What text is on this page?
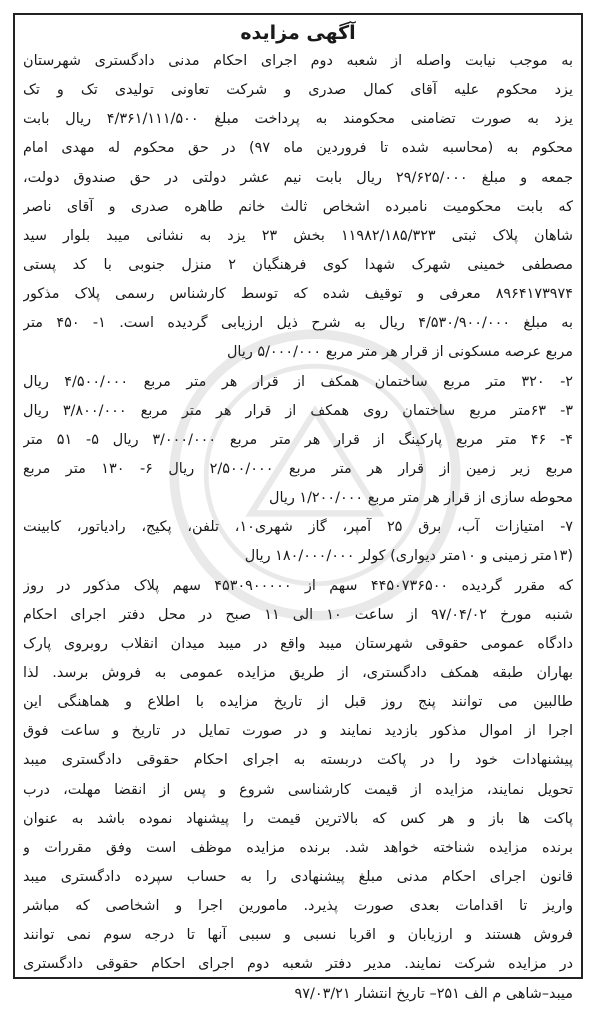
آگهی مزایده
به موجب نیابت واصله از شعبه دوم اجرای احکام مدنی دادگستری شهرستان
یزد محکوم علیه آقای کمال صدری و شرکت تعاونی تولیدی تک و تک
یزد به صورت تضامنی محکومند به پرداخت مبلغ ۴/۳۶۱/۱۱۱/۵۰۰ ریال بابت
محکوم به (محاسبه شده تا فروردین ماه ۹۷) در حق محکوم له مهدی امام
جمعه و مبلغ ۲۹/۶۲۵/۰۰۰ ریال بابت نیم عشر دولتی در حق صندوق دولت،
که بابت محکومیت نامبرده اشخاص ثالث خانم طاهره صدری و آقای ناصر
شاهان پلاک ثبتی ۱۱۹۸۲/۱۸۵/۳۲۳ بخش ۲۳ یزد به نشانی میبد بلوار سید
مصطفی خمینی شهرک شهدا کوی فرهنگیان ۲ منزل جنوبی با کد پستی
۸۹۶۴۱۷۳۹۷۴ معرفی و توقیف شده که توسط کارشناس رسمی پلاک مذکور
به مبلغ ۴/۵۳۰/۹۰۰/۰۰۰ ریال به شرح ذیل ارزیابی گردیده است. ۱- ۴۵۰ متر
مربع عرصه مسکونی از قرار هر متر مربع ۵/۰۰۰/۰۰۰ ریال
۲- ۳۲۰ متر مربع ساختمان همکف از قرار هر متر مربع ۴/۵۰۰/۰۰۰ ریال
۳- ۶۳متر مربع ساختمان روی همکف از قرار هر متر مربع ۳/۸۰۰/۰۰۰ ریال
۴- ۴۶ متر مربع پارکینگ از قرار هر متر مربع ۳/۰۰۰/۰۰۰ ریال ۵- ۵۱ متر
مربع زیر زمین از قرار هر متر مربع ۲/۵۰۰/۰۰۰ ریال ۶- ۱۳۰ متر مربع
محوطه سازی از قرار هر متر مربع ۱/۲۰۰/۰۰۰ ریال
۷- امتیازات آب، برق ۲۵ آمپر، گاز شهری۱۰، تلفن، پکیج، رادیاتور، کابینت
(۱۳متر زمینی و ۱۰متر دیواری) کولر ۱۸۰/۰۰۰/۰۰۰ ریال
که مقرر گردیده ۴۴۵۰۷۳۶۵۰۰ سهم از ۴۵۳۰۹۰۰۰۰۰ سهم پلاک مذکور در روز
شنبه مورخ ۹۷/۰۴/۰۲ از ساعت ۱۰ الی ۱۱ صبح در محل دفتر اجرای احکام
دادگاه عمومی حقوقی شهرستان میبد واقع در میبد میدان انقلاب روبروی پارک
بهاران طبقه همکف دادگستری، از طریق مزایده عمومی به فروش برسد. لذا
طالبین می توانند پنج روز قبل از تاریخ مزایده با اطلاع و هماهنگی این
اجرا از اموال مذکور بازدید نمایند و در صورت تمایل در تاریخ و ساعت فوق
پیشنهادات خود را در پاکت دربسته به اجرای احکام حقوقی دادگستری میبد
تحویل نمایند، مزایده از قیمت کارشناسی شروع و پس از انقضا مهلت، درب
پاکت ها باز و هر کس که بالاترین قیمت را پیشنهاد نموده باشد به عنوان
برنده مزایده شناخته خواهد شد. برنده مزایده موظف است وفق مقررات و
قانون اجرای احکام مدنی مبلغ پیشنهادی را به حساب سپرده دادگستری میبد
واریز تا اقدامات بعدی صورت پذیرد. مامورین اجرا و اشخاصی که مباشر
فروش هستند و ارزیابان و اقربا نسبی و سببی آنها تا درجه سوم نمی توانند
در مزایده شرکت نمایند. مدیر دفتر شعبه دوم اجرای احکام حقوقی دادگستری
میبد–شاهی م الف ۲۵۱– تاریخ انتشار ۹۷/۰۳/۲۱
